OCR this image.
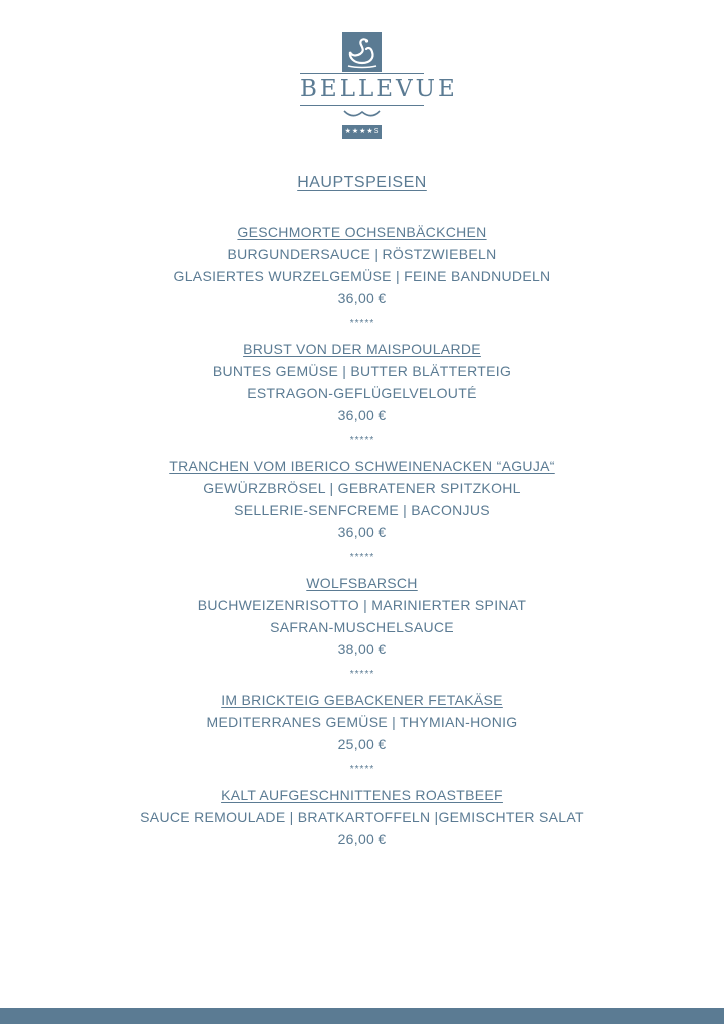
BELLEVUE
★★★★S
HAUPTSPEISEN
GESCHMORTE OCHSENBÄCKCHEN
BURGUNDERSAUCE | RÖSTZWIEBELN
GLASIERTES WURZELGEMÜSE | FEINE BANDNUDELN
36,00 €
*****
BRUST VON DER MAISPOULARDE
BUNTES GEMÜSE | BUTTER BLÄTTERTEIG
ESTRAGON-GEFLÜGELVELOUTÉ
36,00 €
*****
TRANCHEN VOM IBERICO SCHWEINENACKEN “AGUJA“
GEWÜRZBRÖSEL | GEBRATENER SPITZKOHL
SELLERIE-SENFCREME | BACONJUS
36,00 €
*****
WOLFSBARSCH
BUCHWEIZENRISOTTO | MARINIERTER SPINAT
SAFRAN-MUSCHELSAUCE
38,00 €
*****
IM BRICKTEIG GEBACKENER FETAKÄSE
MEDITERRANES GEMÜSE | THYMIAN-HONIG
25,00 €
*****
KALT AUFGESCHNITTENES ROASTBEEF
SAUCE REMOULADE | BRATKARTOFFELN |GEMISCHTER SALAT
26,00 €
